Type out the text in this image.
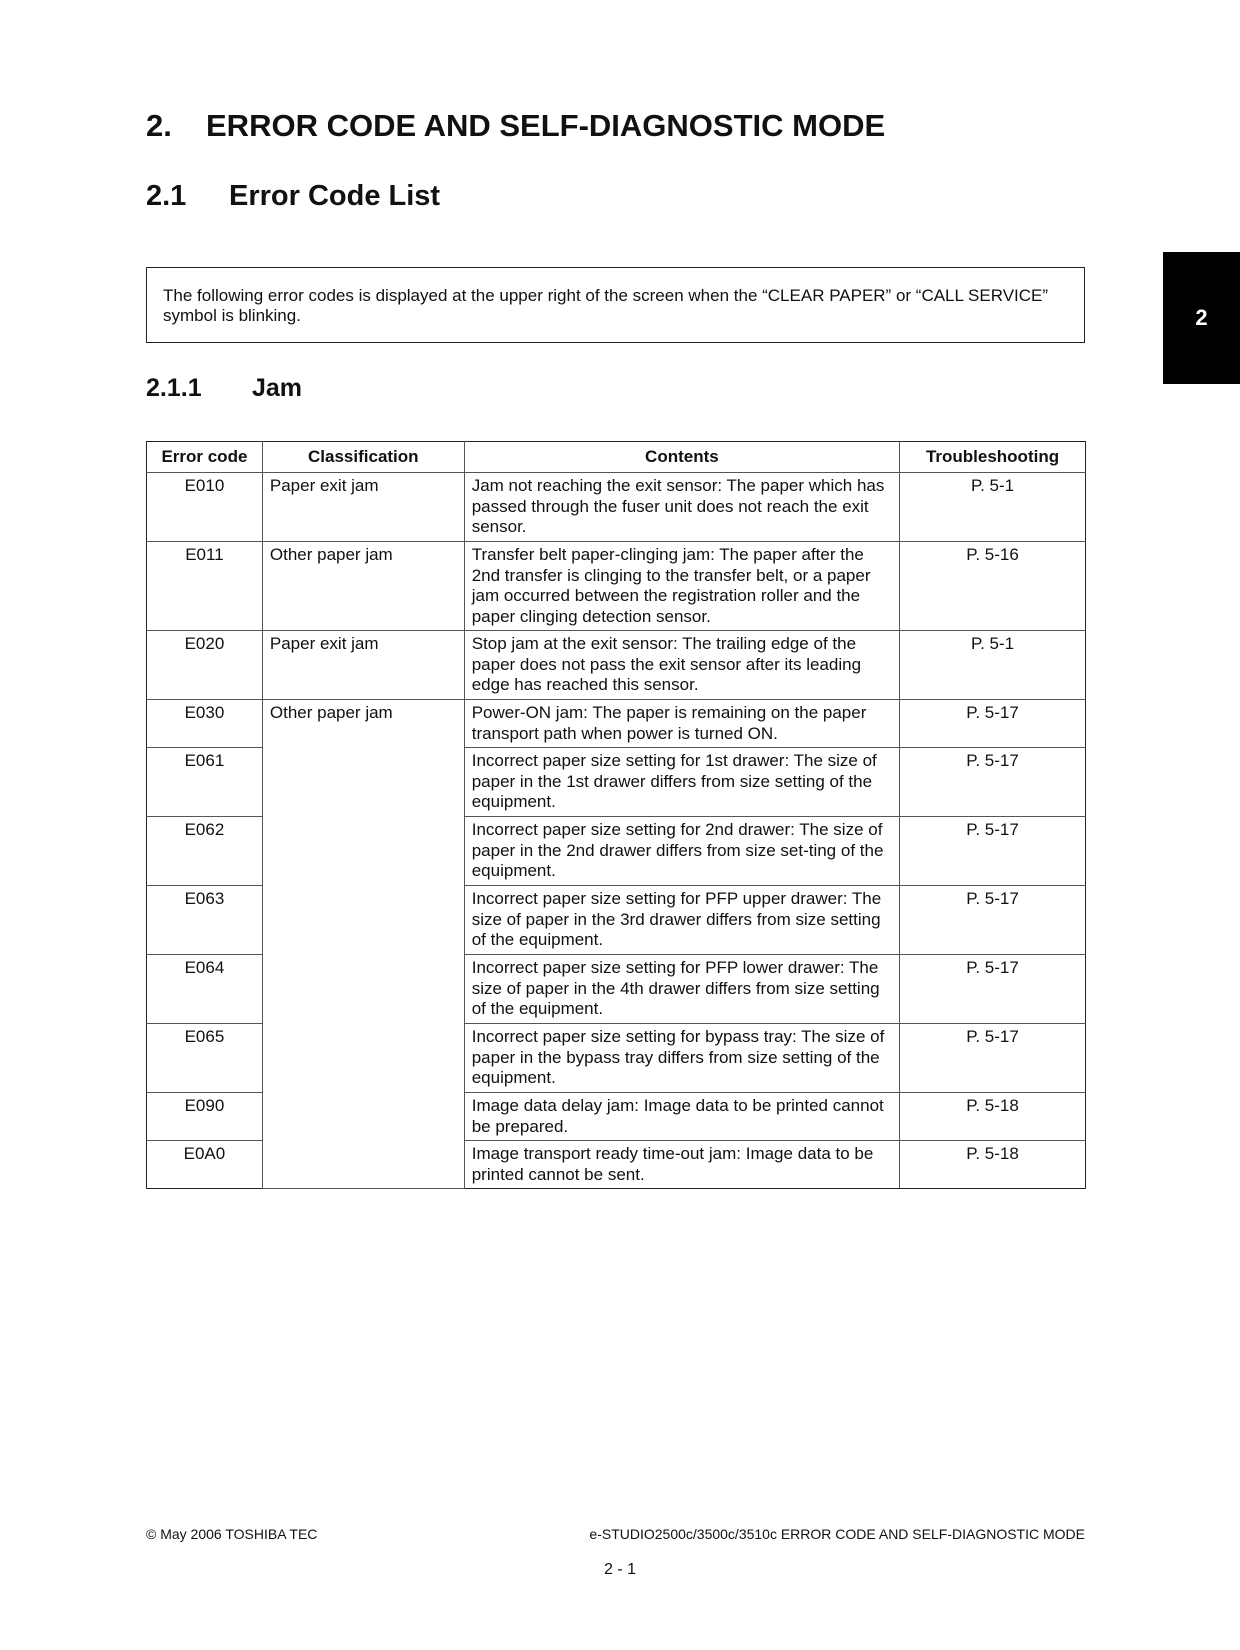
2. ERROR CODE AND SELF-DIAGNOSTIC MODE
2.1 Error Code List
The following error codes is displayed at the upper right of the screen when the “CLEAR PAPER” or “CALL SERVICE” symbol is blinking.	2
2.1.1 Jam
Error code	Classification	Contents	Troubleshooting
E010	Paper exit jam	Jam not reaching the exit sensor: The paper which has passed through the fuser unit does not reach the exit sensor.	P. 5-1
E011	Other paper jam	Transfer belt paper-clinging jam: The paper after the 2nd transfer is clinging to the transfer belt, or a paper jam occurred between the registration roller and the paper clinging detection sensor.	P. 5-16
E020	Paper exit jam	Stop jam at the exit sensor: The trailing edge of the paper does not pass the exit sensor after its leading edge has reached this sensor.	P. 5-1
E030	Other paper jam	Power-ON jam: The paper is remaining on the paper transport path when power is turned ON.	P. 5-17
E061		Incorrect paper size setting for 1st drawer: The size of paper in the 1st drawer differs from size setting of the equipment.	P. 5-17
E062		Incorrect paper size setting for 2nd drawer: The size of paper in the 2nd drawer differs from size set-ting of the equipment.	P. 5-17
E063		Incorrect paper size setting for PFP upper drawer: The size of paper in the 3rd drawer differs from size setting of the equipment.	P. 5-17
E064		Incorrect paper size setting for PFP lower drawer: The size of paper in the 4th drawer differs from size setting of the equipment.	P. 5-17
E065		Incorrect paper size setting for bypass tray: The size of paper in the bypass tray differs from size setting of the equipment.	P. 5-17
E090		Image data delay jam: Image data to be printed cannot be prepared.	P. 5-18
E0A0		Image transport ready time-out jam: Image data to be printed cannot be sent.	P. 5-18
© May 2006 TOSHIBA TEC	e-STUDIO2500c/3500c/3510c ERROR CODE AND SELF-DIAGNOSTIC MODE
2 - 1
